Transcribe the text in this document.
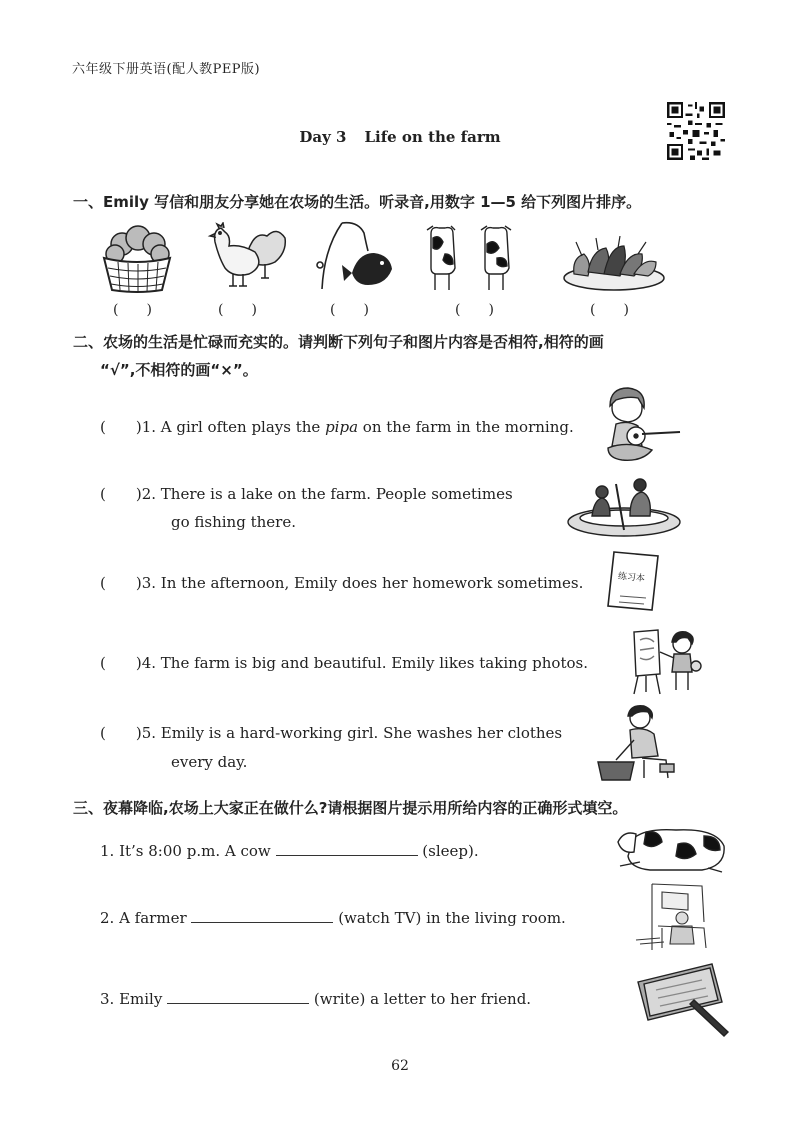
六年级下册英语(配人教PEP版)
Day 3 Life on the farm
一、Emily 写信和朋友分享她在农场的生活。听录音,用数字 1—5 给下列图片排序。
(　　)	(　　)	(　　)	(　　)	(　　)
二、农场的生活是忙碌而充实的。请判断下列句子和图片内容是否相符,相符的画
“√”,不相符的画“×”。
(　　)1. A girl often plays the pipa on the farm in the morning.
(　　)2. There is a lake on the farm. People sometimes
go fishing there.
(　　)3. In the afternoon, Emily does her homework sometimes.	练习本
(　　)4. The farm is big and beautiful. Emily likes taking photos.
(　　)5. Emily is a hard-working girl. She washes her clothes
every day.
三、夜幕降临,农场上大家正在做什么?请根据图片提示用所给内容的正确形式填空。
1. It’s 8:00 p.m. A cow	(sleep).
2. A farmer	(watch TV) in the living room.
3. Emily	(write) a letter to her friend.
62
